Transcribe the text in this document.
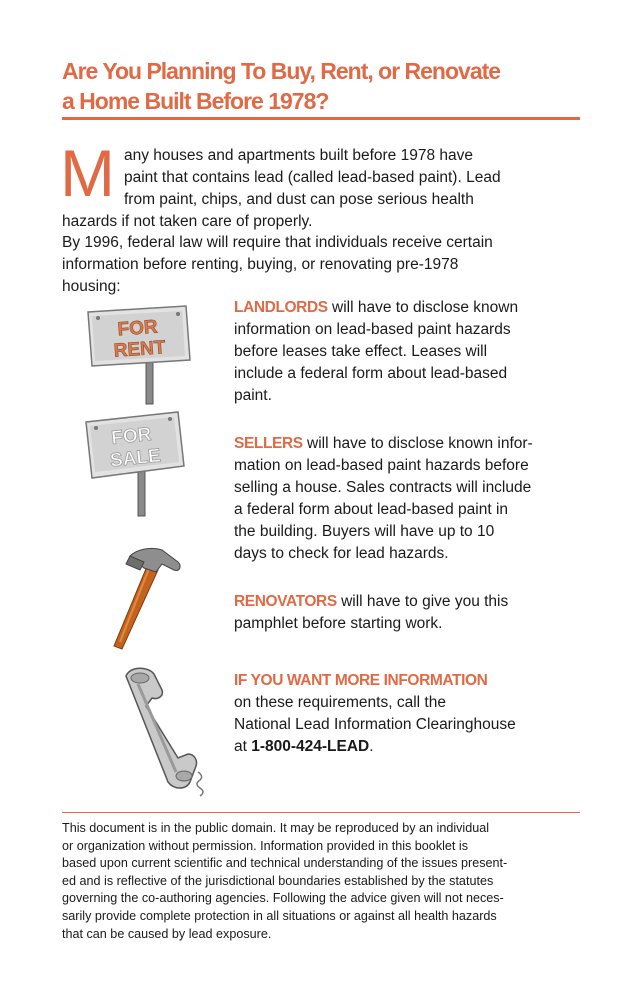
Are You Planning To Buy, Rent, or Renovate
a Home Built Before 1978?
M any houses and apartments built before 1978 have
paint that contains lead (called lead-based paint). Lead
from paint, chips, and dust can pose serious health
hazards if not taken care of properly.
By 1996, federal law will require that individuals receive certain
information before renting, buying, or renovating pre-1978
housing:
FOR
RENT
FOR
SALE
LANDLORDS will have to disclose known
information on lead-based paint hazards
before leases take effect. Leases will
include a federal form about lead-based
paint.
SELLERS will have to disclose known infor-
mation on lead-based paint hazards before
selling a house. Sales contracts will include
a federal form about lead-based paint in
the building. Buyers will have up to 10
days to check for lead hazards.
RENOVATORS will have to give you this
pamphlet before starting work.
IF YOU WANT MORE INFORMATION
on these requirements, call the
National Lead Information Clearinghouse
at 1-800-424-LEAD.
This document is in the public domain. It may be reproduced by an individual
or organization without permission. Information provided in this booklet is
based upon current scientific and technical understanding of the issues present-
ed and is reflective of the jurisdictional boundaries established by the statutes
governing the co-authoring agencies. Following the advice given will not neces-
sarily provide complete protection in all situations or against all health hazards
that can be caused by lead exposure.
